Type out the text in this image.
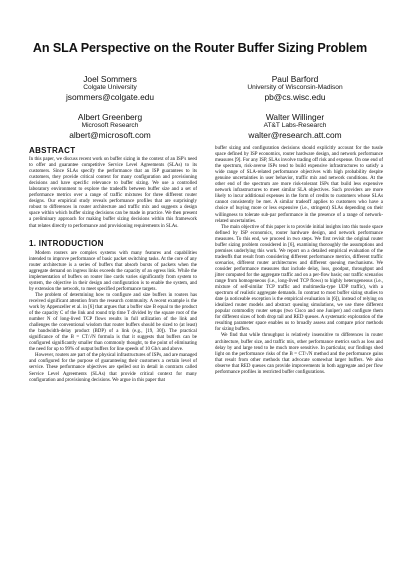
An SLA Perspective on the Router Buffer Sizing Problem
Joel Sommers
Colgate University
jsommers@colgate.edu
Paul Barford
University of Wisconsin-Madison
pb@cs.wisc.edu
Albert Greenberg
Microsoft Research
albert@microsoft.com
Walter Willinger
AT&T Labs-Research
walter@research.att.com
ABSTRACT

In this paper, we discuss recent work on buffer sizing in the context of an ISP's need to offer and guarantee competitive Service Level Agreements (SLAs) to its customers. Since SLAs specify the performance that an ISP guarantees to its customers, they provide critical context for many configuration and provisioning decisions and have specific relevance to buffer sizing. We use a controlled laboratory environment to explore the tradeoffs between buffer size and a set of performance metrics over a range of traffic mixtures for three different router designs. Our empirical study reveals performance profiles that are surprisingly robust to differences in router architecture and traffic mix and suggests a design space within which buffer sizing decisions can be made in practice. We then present a preliminary approach for making buffer sizing decisions within this framework that relates directly to performance and provisioning requirements in SLAs.

1. INTRODUCTION

Modern routers are complex systems with many features and capabilities intended to improve performance of basic packet switching tasks. At the core of any router architecture is a series of buffers that absorb bursts of packets when the aggregate demand on ingress links exceeds the capacity of an egress link. While the implementation of buffers on router line cards varies significantly from system to system, the objective in their design and configuration is to enable the system, and by extension the network, to meet specified performance targets.

The problem of determining how to configure and size buffers in routers has received significant attention from the research community. A recent example is the work by Appenzeller et al. in [6] that argues that a buffer size B equal to the product of the capacity C of the link and round trip time T divided by the square root of the number N of long-lived TCP flows results in full utilization of the link and challenges the conventional wisdom that router buffers should be sized to (at least) the bandwidth-delay product (BDP) of a link (e.g., [19, 30]). The practical significance of the B = CT/√N formula is that it suggests that buffers can be configured significantly smaller than commonly thought, to the point of eliminating the need for up to 99% of output buffers for line speeds of 10 Gb/s and above.

However, routers are part of the physical infrastructures of ISPs, and are managed and configured for the purpose of guaranteeing their customers a certain level of service. These performance objectives are spelled out in detail in contracts called Service Level Agreements (SLAs) that provide critical context for many configuration and provisioning decisions. We argue in this paper that

buffer sizing and configuration decisions should explicitly account for the tussle space defined by ISP economics, router hardware design, and network performance measures [9]. For any ISP, SLAs involve trading off risk and expense. On one end of the spectrum, risk-averse ISPs tend to build expensive infrastructures to satisfy a wide range of SLA-related performance objectives with high probability despite genuine uncertainties in user behavior, traffic mix and network conditions. At the other end of the spectrum are more risk-tolerant ISPs that build less expensive network infrastructures to meet similar SLA objectives. Such providers are more likely to incur additional expenses in the form of credits to customers whose SLAs cannot consistently be met. A similar tradeoff applies to customers who have a choice of buying more or less expensive (i.e., stringent) SLAs depending on their willingness to tolerate sub-par performance in the presence of a range of network-related uncertainties.

The main objective of this paper is to provide initial insights into this tussle space defined by ISP economics, router hardware design, and network performance measures. To this end, we proceed in two steps. We first revisit the original router buffer sizing problem considered in [6], examining thoroughly the assumptions and premises underlying this work. We report on a detailed empirical evaluation of the tradeoffs that result from considering different performance metrics, different traffic scenarios, different router architectures and different queuing mechanisms. We consider performance measures that include delay, loss, goodput, throughput and jitter computed for the aggregate traffic and on a per-flow basis; our traffic scenarios range from homogeneous (i.e., long-lived TCP flows) to highly heterogeneous (i.e., mixture of self-similar TCP traffic and multimedia-type UDP traffic), with a spectrum of realistic aggregate demands. In contrast to most buffer sizing studies to date (a noticeable exception is the empirical evaluation in [6]), instead of relying on idealized router models and abstract queuing simulations, we use three different popular commodity router setups (two Cisco and one Juniper) and configure them for different sizes of both drop tail and RED queues. A systematic exploration of the resulting parameter space enables us to broadly assess and compare prior methods for sizing buffers.

We find that while throughput is relatively insensitive to differences in router architecture, buffer size, and traffic mix, other performance metrics such as loss and delay by and large tend to be much more sensitive. In particular, our findings shed light on the performance risks of the B = CT/√N method and the performance gains that result from other methods that advocate somewhat larger buffers. We also observe that RED queues can provide improvements in both aggregate and per flow performance profiles in restricted buffer configurations.
